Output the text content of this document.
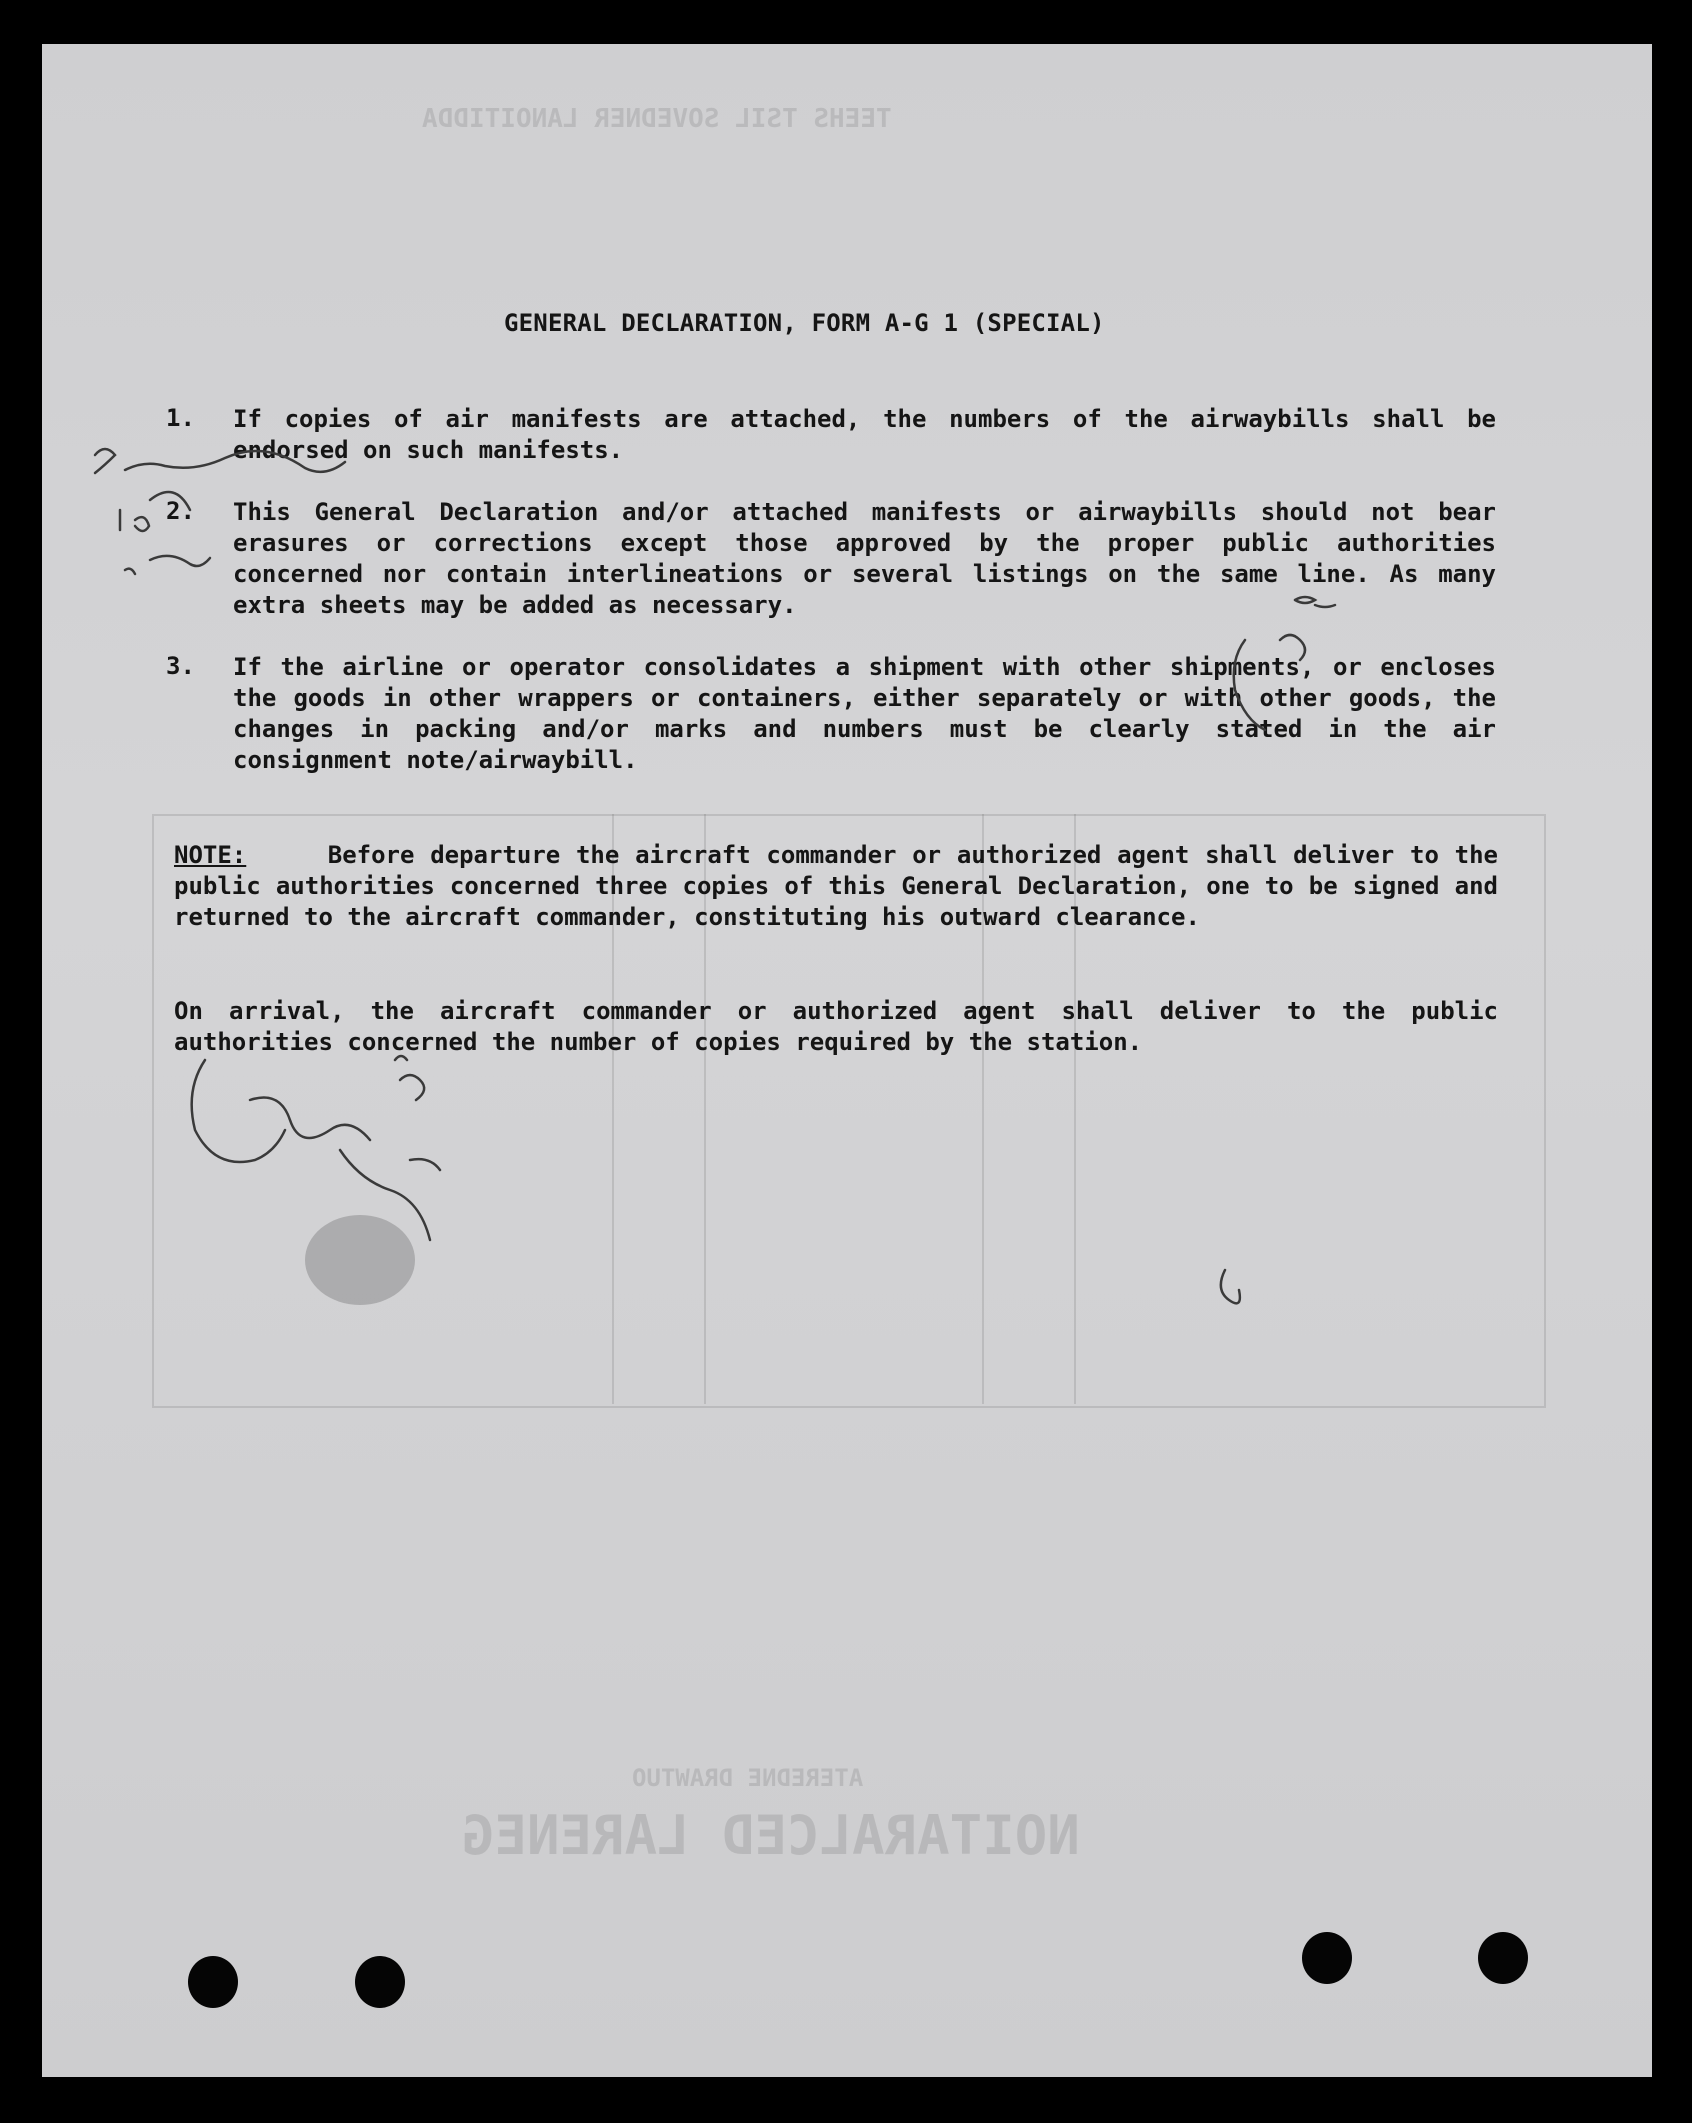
NOITARALCED LARENEG
ATEREDNE DRAWTUO
TEEHS TSIL SOVEDNER LANOITIDDA
GENERAL DECLARATION, FORM A-G 1 (SPECIAL)
1. If copies of air manifests are attached, the numbers of the airwaybills shall be endorsed on such manifests.
2. This General Declaration and/or attached manifests or airwaybills should not bear erasures or corrections except those approved by the proper public authorities concerned nor contain interlineations or several listings on the same line. As many extra sheets may be added as necessary.
3. If the airline or operator consolidates a shipment with other shipments, or encloses the goods in other wrappers or containers, either separately or with other goods, the changes in packing and/or marks and numbers must be clearly stated in the air consignment note/airwaybill.
NOTE:	Before departure the aircraft commander or authorized agent shall deliver to the public authorities concerned three copies of this General Declaration, one to be signed and returned to the aircraft commander, constituting his outward clearance.
On arrival, the aircraft commander or authorized agent shall deliver to the public authorities concerned the number of copies required by the station.
